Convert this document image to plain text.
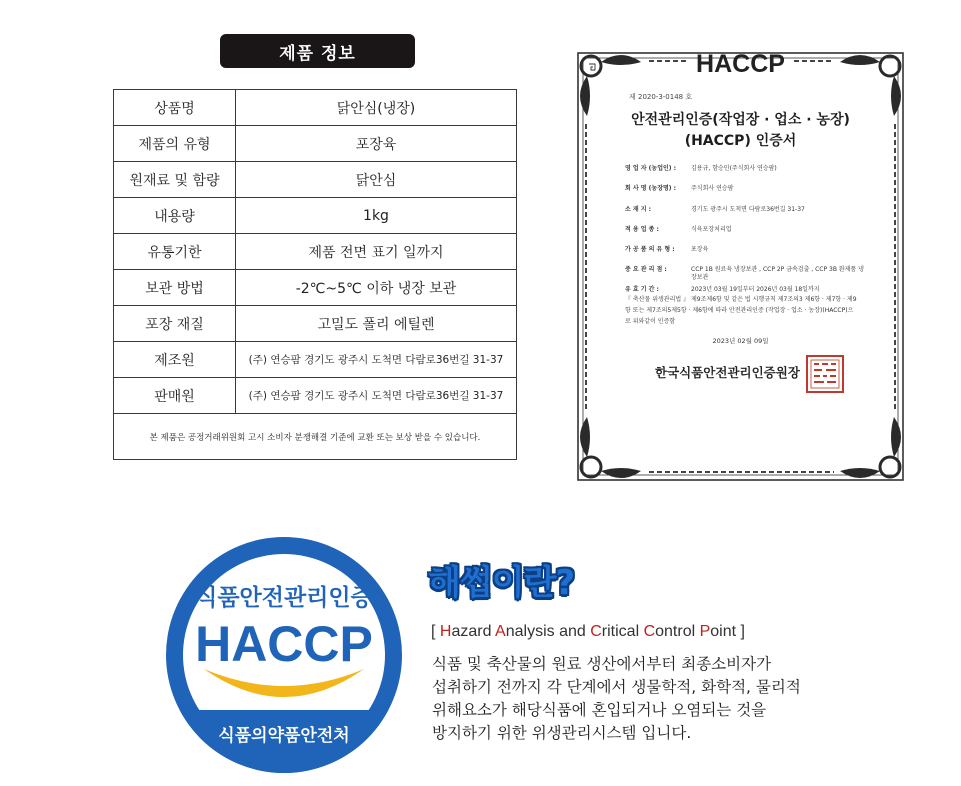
제품 정보
상품명	닭안심(냉장)
제품의 유형	포장육
원재료 및 함량	닭안심
내용량	1kg
유통기한	제품 전면 표기 일까지
보관 방법	-2℃~5℃ 이하 냉장 보관
포장 재질	고밀도 폴리 에틸렌
제조원	(주) 연승팜 경기도 광주시 도척면 다람로36번길 31-37
판매원	(주) 연승팜 경기도 광주시 도척면 다람로36번길 31-37
본 제품은 공정거래위원회 고시 소비자 분쟁해결 기준에 교환 또는 보상 받을 수 있습니다.	
HACCP
제 2020-3-0148 호
안전관리인증(작업장 · 업소 · 농장)
(HACCP) 인증서
영 업 자 (농업인) :	김용규, 함승민(주식회사 연승팜)
회 사 명 (농장명) :	주식회사 연승팜
소 재 지 :	경기도 광주시 도척면 다람로36번길 31-37
적 용 업 종 :	식육포장처리업
가 공 품 의 유 형 :	포장육
중 요 관 리 점 :	CCP 1B 원료육 냉장보관 , CCP 2P 금속검출 , CCP 3B 완제품 냉장보관
유 효 기 간 :	2023년 03월 19일부터 2026년 03월 18일까지
『 축산물 위생관리법 』 제9조제6항 및 같은 법 시행규칙 제7조의3 제6항 · 제7항 · 제9항 또는 제7조의5제5항 · 제6항에 따라 안전관리인증 (작업장 · 업소 · 농장)(HACCP)으로 위와같이 인증함
2023년 02월 09일
한국식품안전관리인증원장
식품안전관리인증
HACCP
식품의약품안전처
해썹이란?
[ Hazard Analysis and Critical Control Point ]
식품 및 축산물의 원료 생산에서부터 최종소비자가
섭취하기 전까지 각 단계에서 생물학적, 화학적, 물리적
위해요소가 해당식품에 혼입되거나 오염되는 것을
방지하기 위한 위생관리시스템 입니다.
